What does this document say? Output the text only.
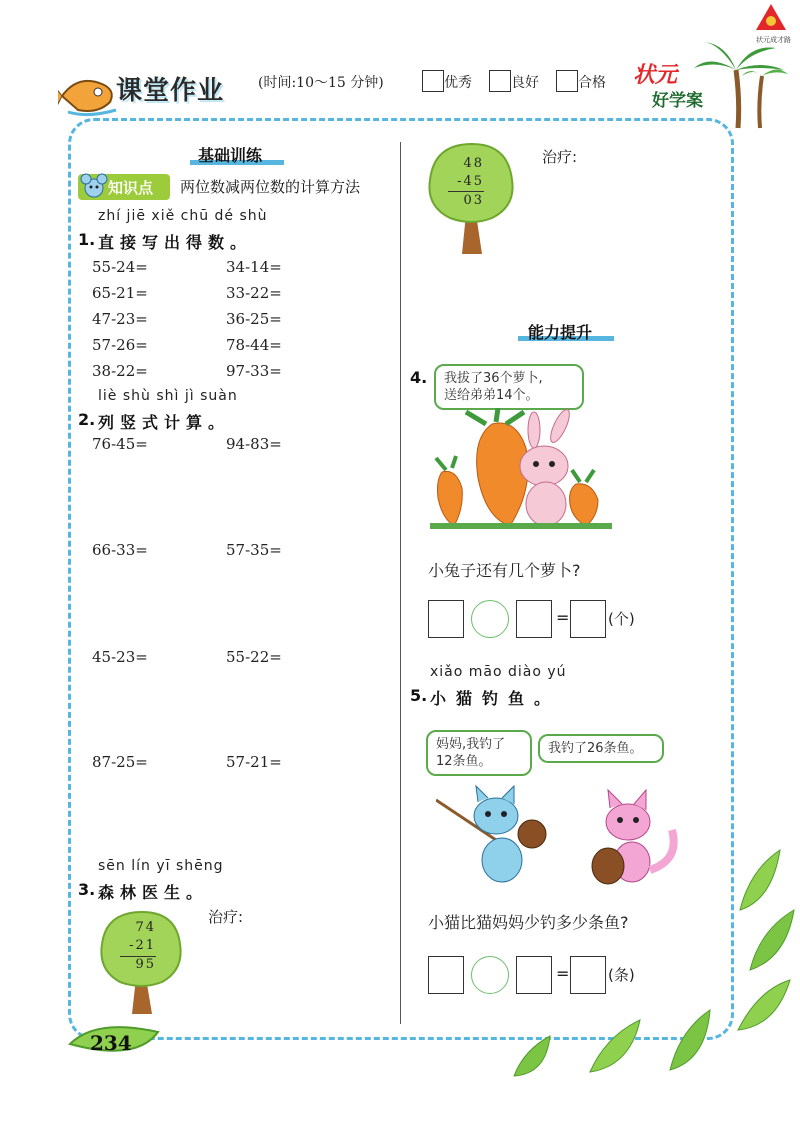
课堂作业 (时间:10～15 分钟)	优秀	良好	合格 状元
好学案
状元成才路
基础训练
知识点 两位数减两位数的计算方法
zhí jiē xiě chū dé shù
1. 直接写出得数。
55-24=	34-14=
65-21=	33-22=
47-23=	36-25=
57-26=	78-44=
38-22=	97-33=
liè shù shì jì suàn
2. 列竖式计算。
76-45=	94-83=
66-33=	57-35=
45-23=	55-22=
87-25=	57-21=
sēn lín yī shēng
3. 森林医生。
74
-21
95
治疗:
234
48
-45
03
治疗:
能力提升
4. 我拔了36个萝卜,
送给弟弟14个。
小兔子还有几个萝卜?
=	(个)
xiǎo māo diào yú
5. 小猫钓鱼。
妈妈,我钓了
12条鱼。
我钓了26条鱼。
小猫比猫妈妈少钓多少条鱼?
=	(条)
